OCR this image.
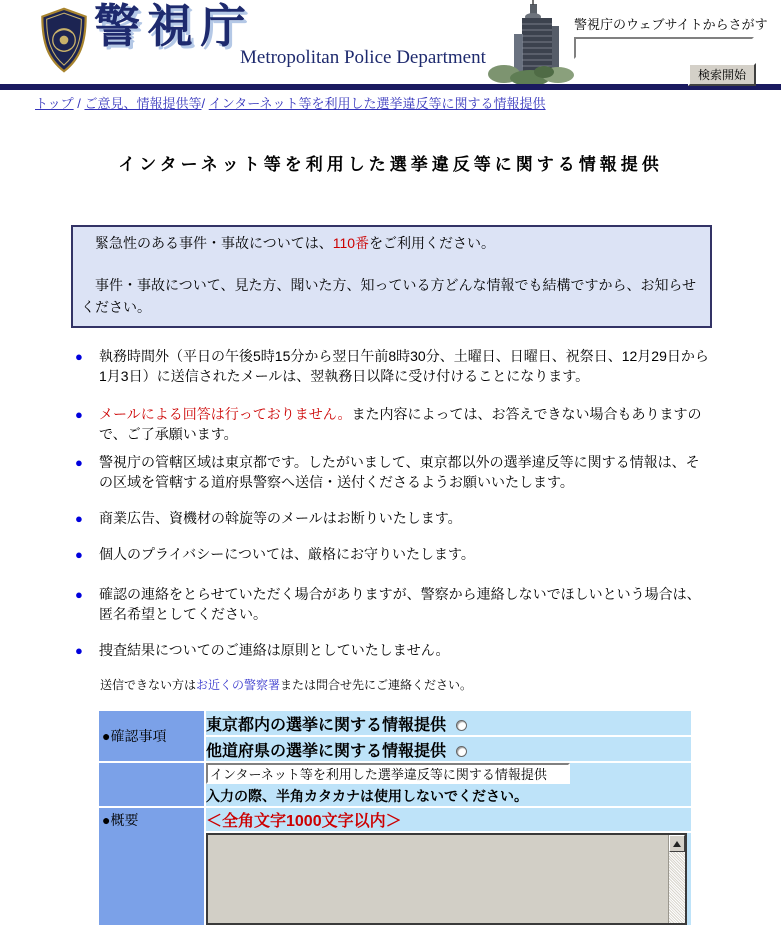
警視庁
Metropolitan Police Department
警視庁のウェブサイトからさがす
検索開始
トップ / ご意見、情報提供等/ インターネット等を利用した選挙違反等に関する情報提供
インターネット等を利用した選挙違反等に関する情報提供

　緊急性のある事件・事故については、110番をご利用ください。

　事件・事故について、見た方、聞いた方、知っている方どんな情報でも結構ですから、お知らせください。

● 執務時間外（平日の午後5時15分から翌日午前8時30分、土曜日、日曜日、祝祭日、12月29日から1月3日）に送信されたメールは、翌執務日以降に受け付けることになります。
● メールによる回答は行っておりません。また内容によっては、お答えできない場合もありますので、ご了承願います。
● 警視庁の管轄区域は東京都です。したがいまして、東京都以外の選挙違反等に関する情報は、その区域を管轄する道府県警察へ送信・送付くださるようお願いいたします。
● 商業広告、資機材の斡旋等のメールはお断りいたします。
● 個人のプライバシーについては、厳格にお守りいたします。
● 確認の連絡をとらせていただく場合がありますが、警察から連絡しないでほしいという場合は、匿名希望としてください。
● 捜査結果についてのご連絡は原則としていたしません。
送信できない方はお近くの警察署または問合せ先にご連絡ください。
●確認事項	東京都内の選挙に関する情報提供
	他道府県の選挙に関する情報提供
	インターネット等を利用した選挙違反等に関する情報提供
入力の際、半角カタカナは使用しないでください。

●概要	＜全角文字1000文字以内＞
